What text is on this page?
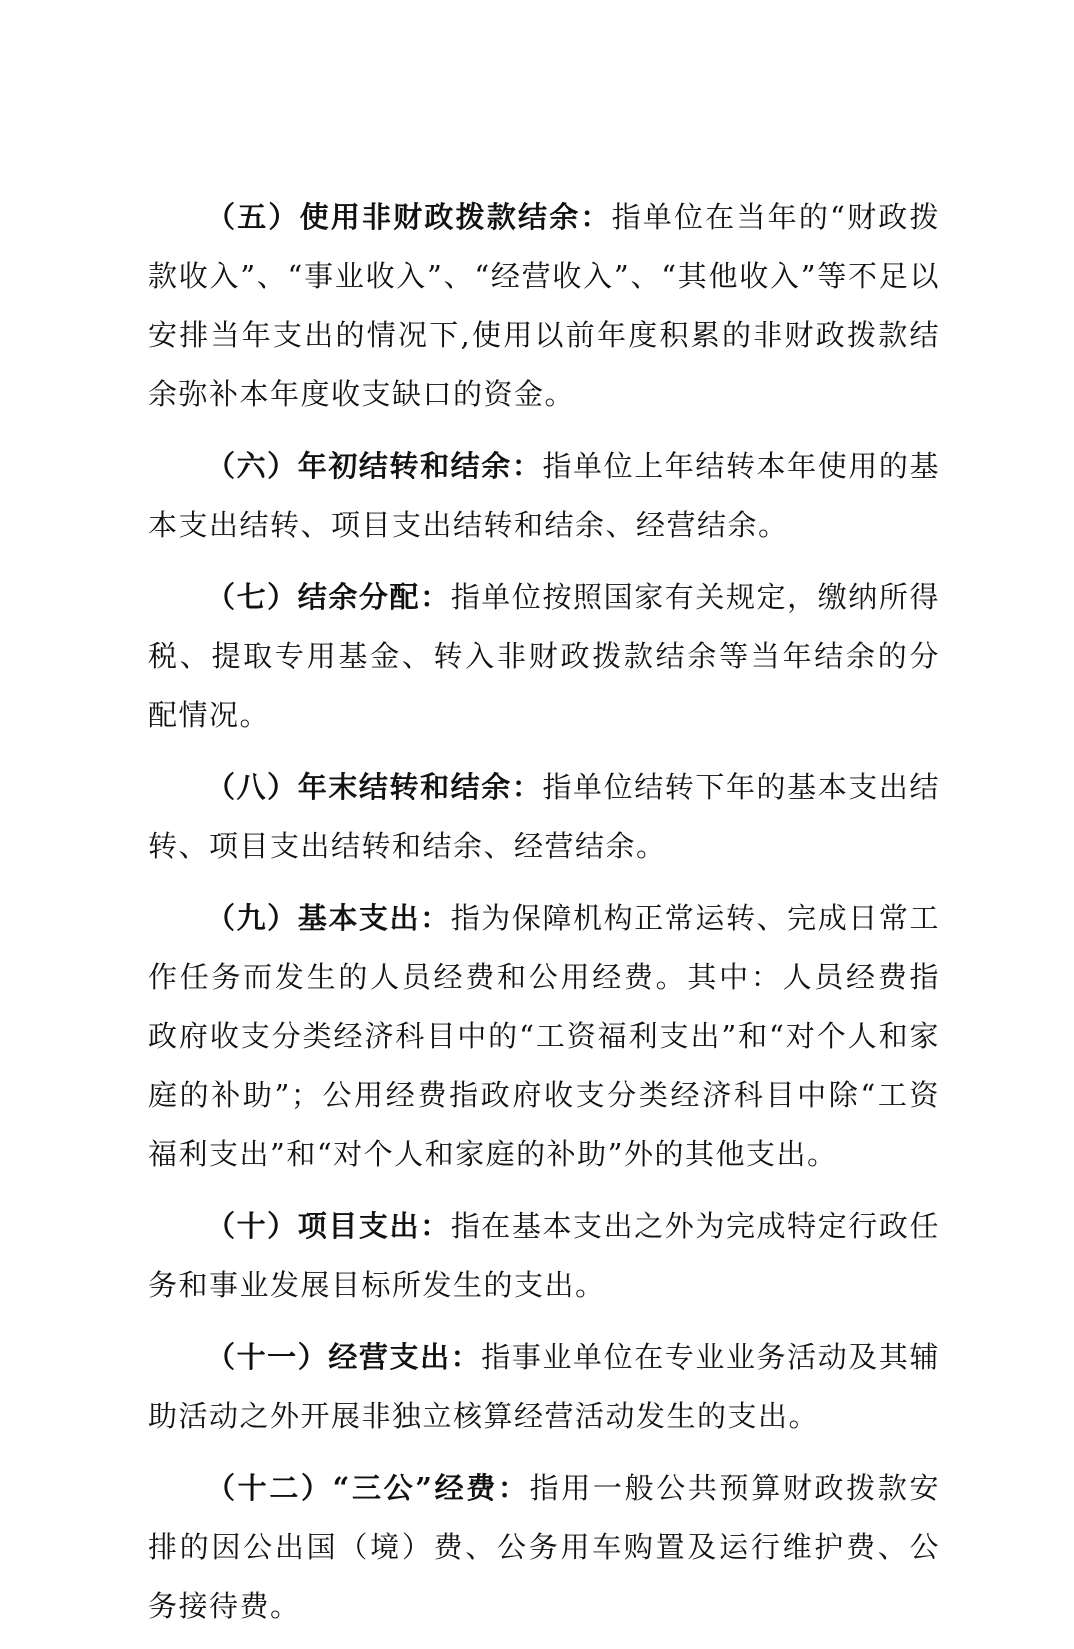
（五）使用非财政拨款结余：指单位在当年的“财政拨款收入”、“事业收入”、“经营收入”、“其他收入”等不足以安排当年支出的情况下,使用以前年度积累的非财政拨款结余弥补本年度收支缺口的资金。

（六）年初结转和结余：指单位上年结转本年使用的基本支出结转、项目支出结转和结余、经营结余。

（七）结余分配：指单位按照国家有关规定，缴纳所得税、提取专用基金、转入非财政拨款结余等当年结余的分配情况。

（八）年末结转和结余：指单位结转下年的基本支出结转、项目支出结转和结余、经营结余。

（九）基本支出：指为保障机构正常运转、完成日常工作任务而发生的人员经费和公用经费。其中：人员经费指政府收支分类经济科目中的“工资福利支出”和“对个人和家庭的补助”；公用经费指政府收支分类经济科目中除“工资福利支出”和“对个人和家庭的补助”外的其他支出。

（十）项目支出：指在基本支出之外为完成特定行政任务和事业发展目标所发生的支出。

（十一）经营支出：指事业单位在专业业务活动及其辅助活动之外开展非独立核算经营活动发生的支出。

（十二）“三公”经费：指用一般公共预算财政拨款安排的因公出国（境）费、公务用车购置及运行维护费、公务接待费。
